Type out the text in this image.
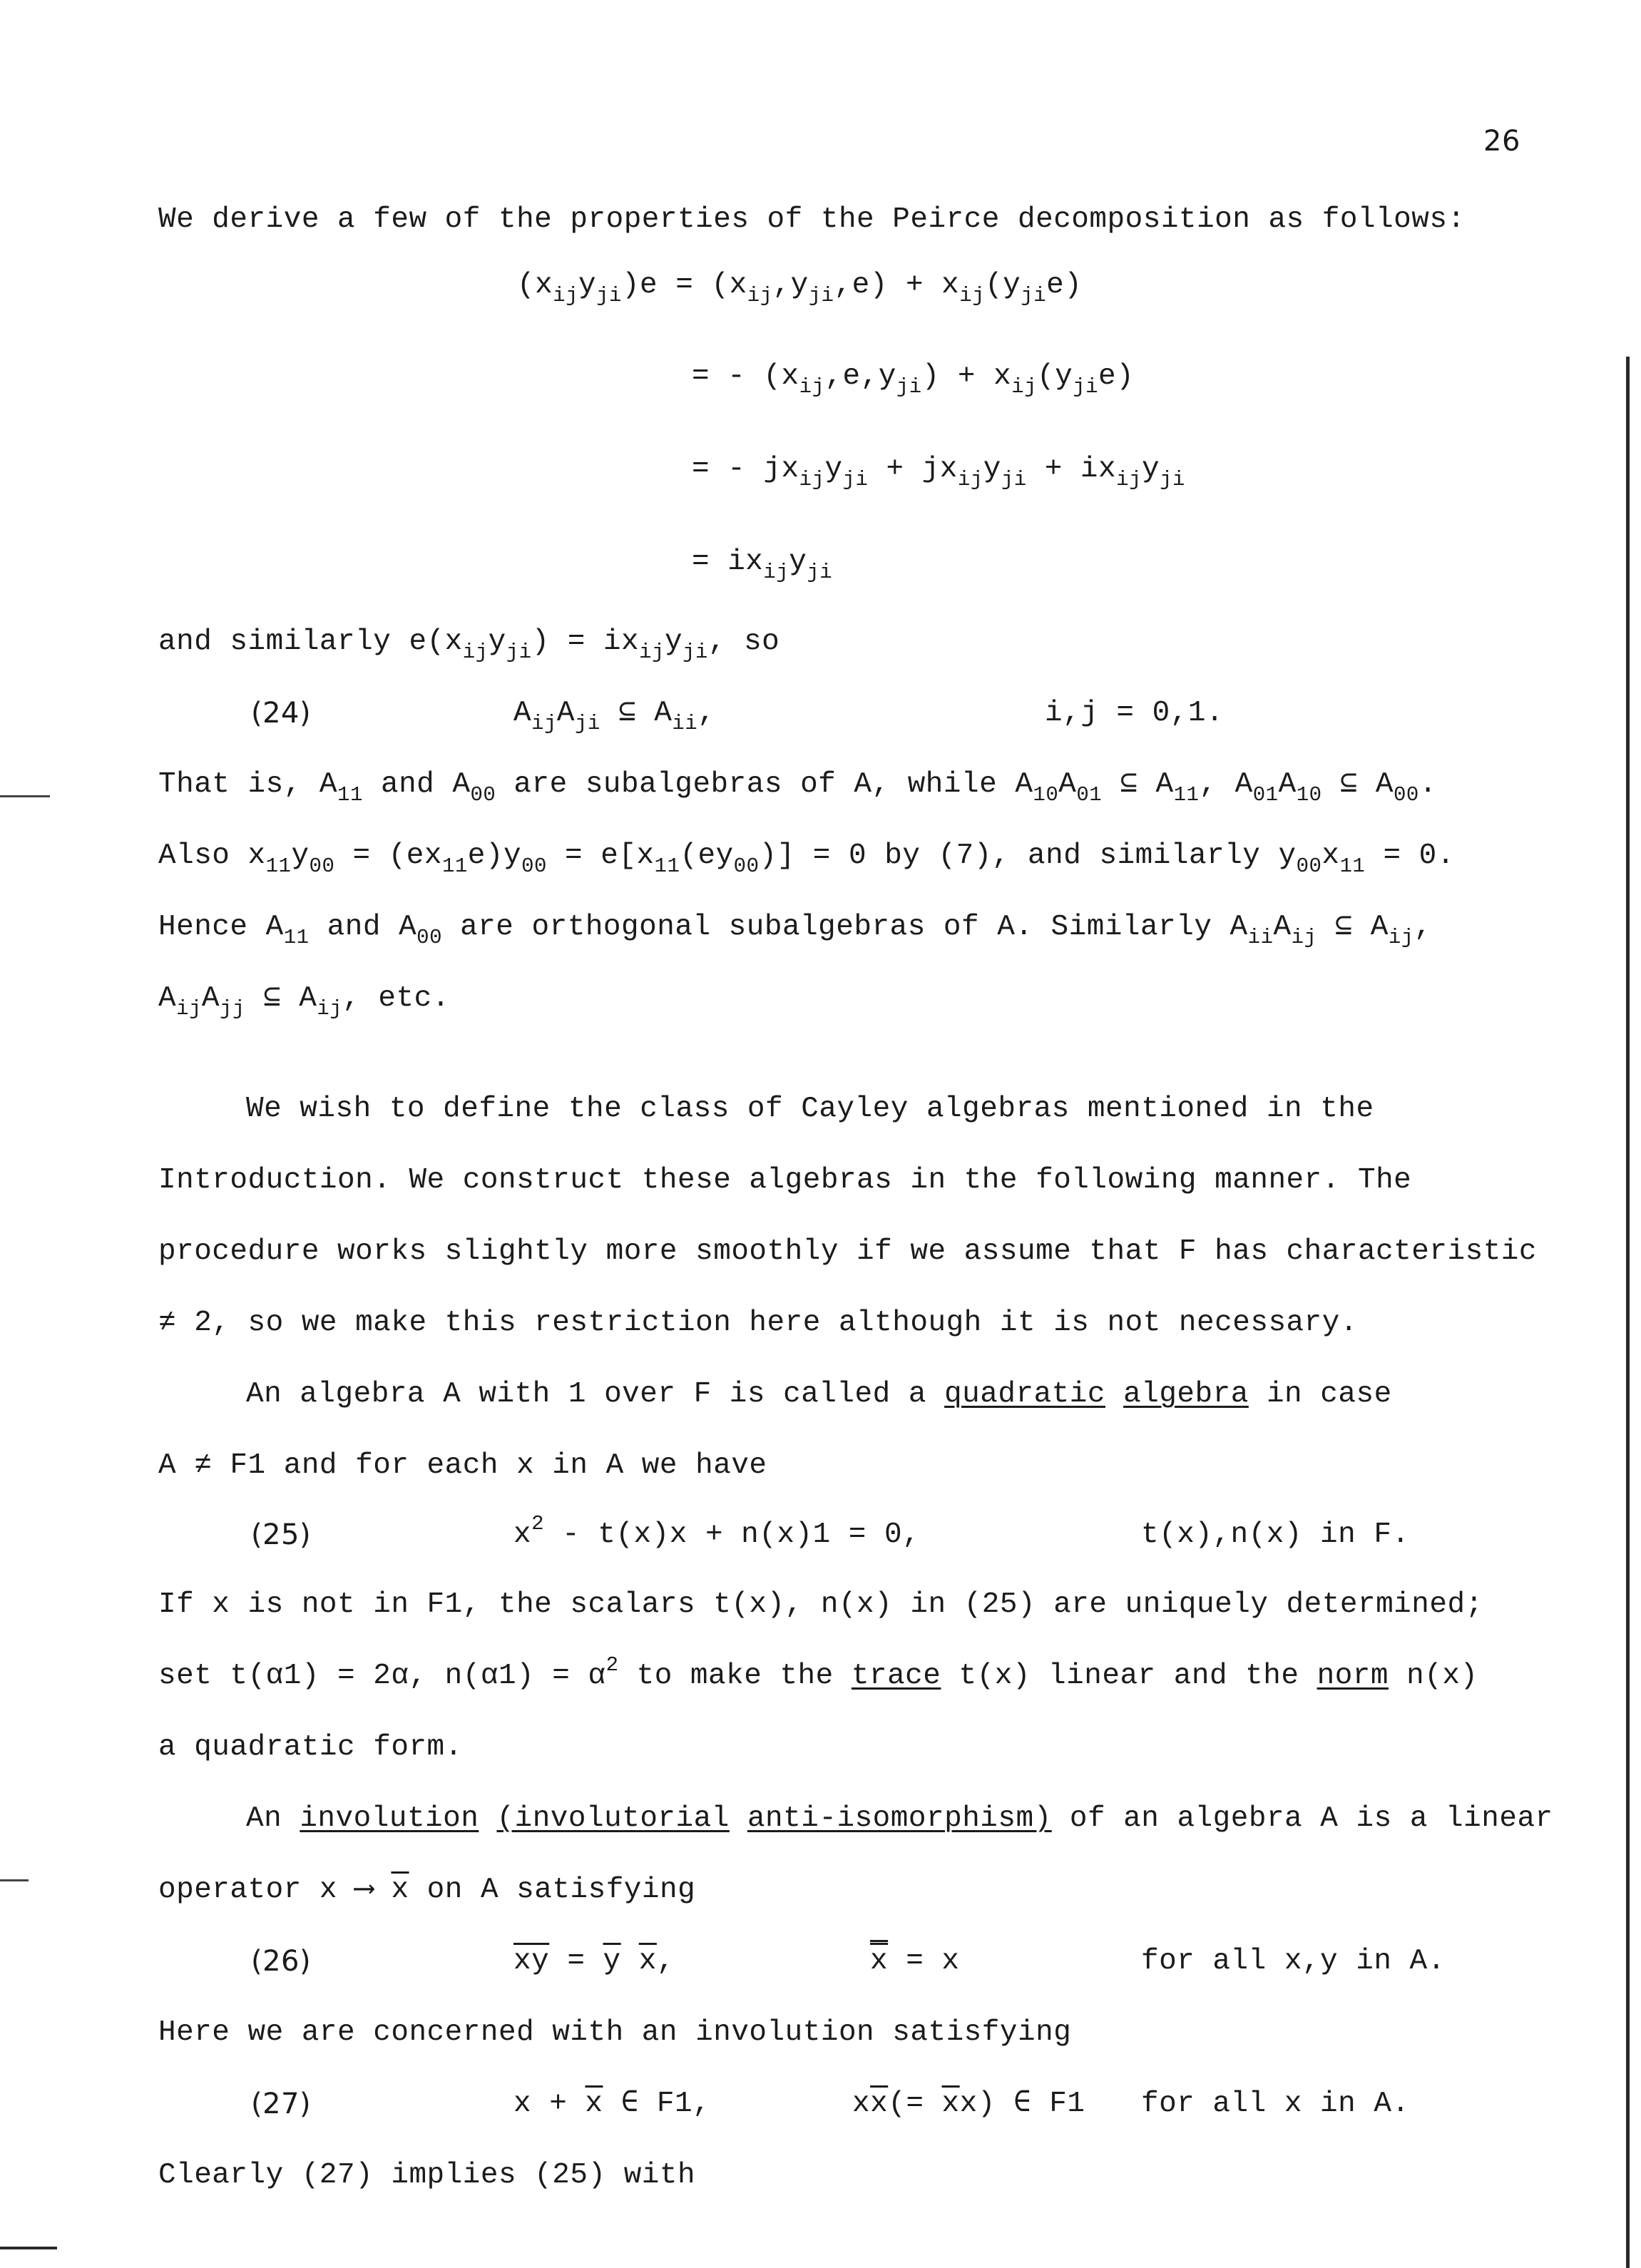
26
We derive a few of the properties of the Peirce decomposition as follows:
$(x_{ij}y_{ji})e = (x_{ij},y_{ji},e) + x_{ij}(y_{ji}e)$
= - $(x_{ij},e,y_{ji}) + x_{ij}(y_{ji}e)$
= - $jx_{ij}y_{ji} + jx_{ij}y_{ji} + ix_{ij}y_{ji}$
= $ix_{ij}y_{ji}$
and similarly $e(x_{ij}y_{ji}) = ix_{ij}y_{ji}$, so
(24)	$A_{ij}A_{ji}$ ⊆ $A_{ii}$,	i,j = 0,1.
That is, $A_{11}$ and $A_{00}$ are subalgebras of A, while $A_{10}A_{01}$ ⊆ $A_{11}$, $A_{01}A_{10}$ ⊆ $A_{00}$.
Also $x_{11}y_{00} = (ex_{11}e)y_{00} = e[x_{11}(ey_{00})] = 0$ by (7), and similarly $y_{00}x_{11} = 0$.
Hence $A_{11}$ and $A_{00}$ are orthogonal subalgebras of A. Similarly $A_{ii}A_{ij}$ ⊆ $A_{ij}$,
$A_{ij}A_{jj}$ ⊆ $A_{ij}$, etc.
We wish to define the class of Cayley algebras mentioned in the
Introduction. We construct these algebras in the following manner. The
procedure works slightly more smoothly if we assume that F has characteristic
≠ 2, so we make this restriction here although it is not necessary.
An algebra A with 1 over F is called a quadratic algebra in case
A ≠ F1 and for each x in A we have
(25)	$x^2 - t(x)x + n(x)1 = 0$,	t(x),n(x) in F.
If x is not in F1, the scalars t(x), n(x) in (25) are uniquely determined;
set t(α1) = 2α, $n(\alpha 1) = \alpha^2$ to make the trace t(x) linear and the norm n(x)
a quadratic form.
An involution (involutorial anti-isomorphism) of an algebra A is a linear
operator x ⟶ $\overline{x}$ on A satisfying
(26)	$\overline{xy} = \overline{y}$ $\overline{x}$,	x = x	for all x,y in A.
Here we are concerned with an involution satisfying
(27)	$x + \overline{x}$ ∈ F1,	$x\overline{x}(= \overline{x}x)$ ∈ F1 for all x in A.
Clearly (27) implies (25) with
